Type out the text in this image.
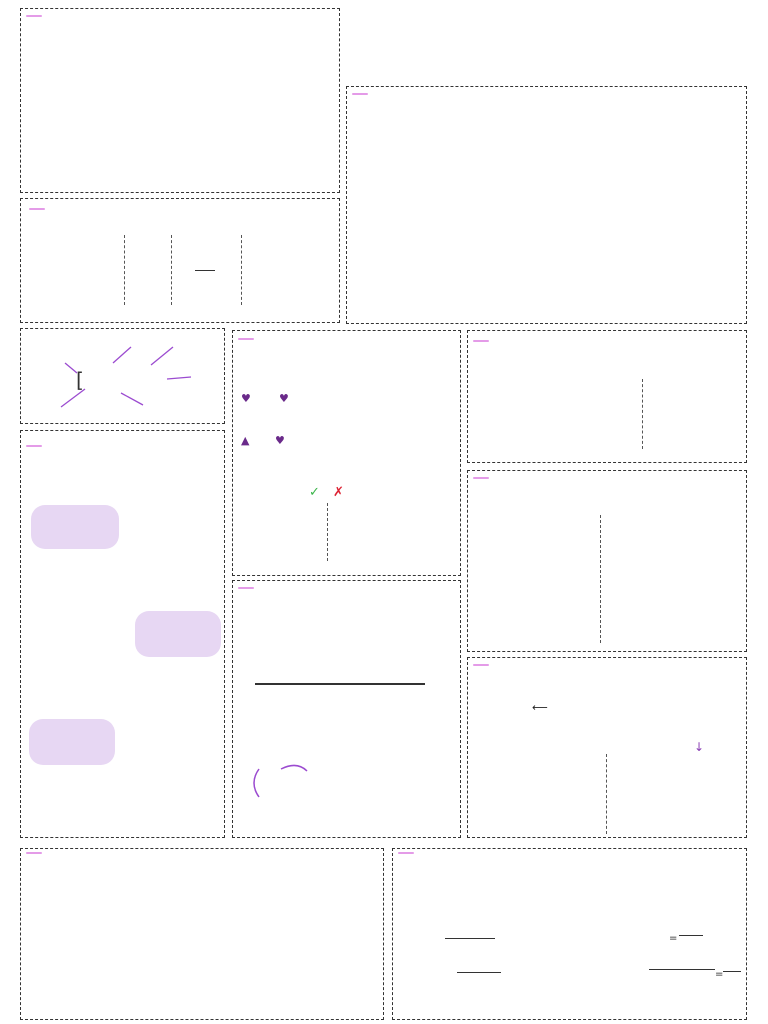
[
♥	♥
▲ ♥
✓ ✗

⟵
↓
=
=
